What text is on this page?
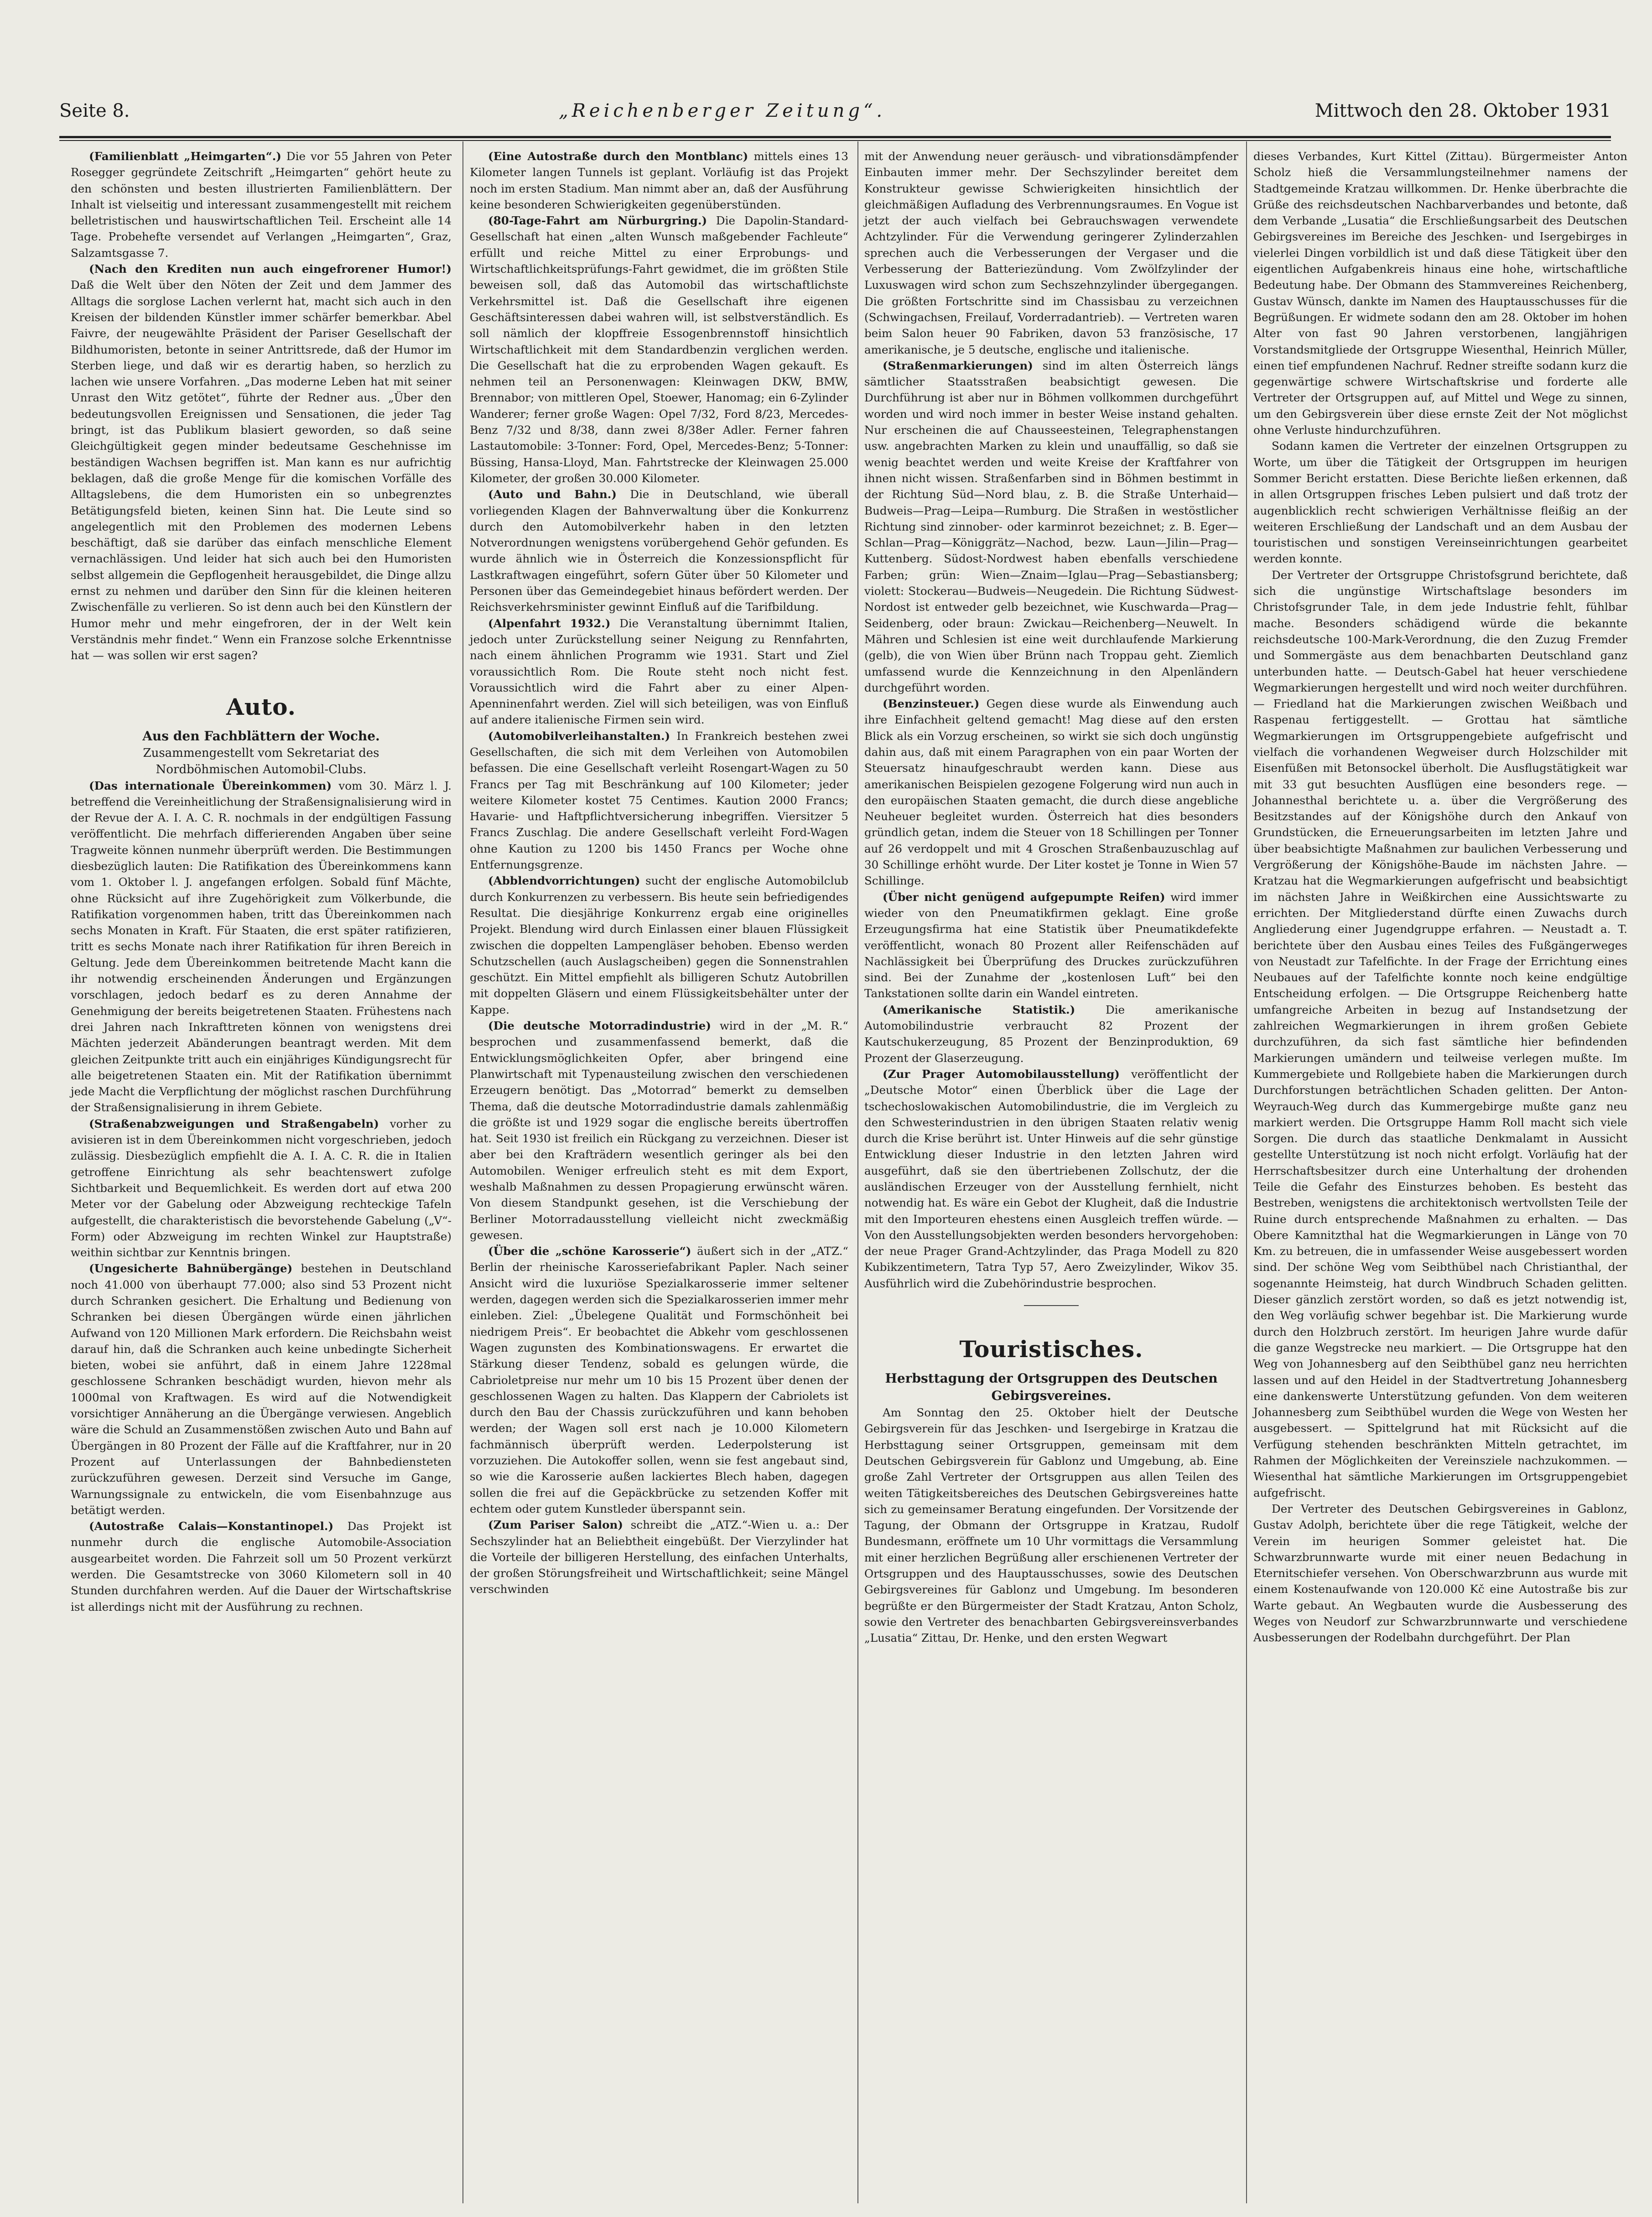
Seite 8.	„Reichenberger Zeitung“.	Mittwoch den 28. Oktober 1931

(Familienblatt „Heimgarten“.) Die vor 55 Jahren von Peter Rosegger gegründete Zeitschrift „Heimgarten“ gehört heute zu den schönsten und besten illustrierten Familienblättern. Der Inhalt ist vielseitig und interessant zusammengestellt mit reichem belletristischen und hauswirtschaftlichen Teil. Erscheint alle 14 Tage. Probehefte versendet auf Verlangen „Heimgarten“, Graz, Salzamtsgasse 7.

(Nach den Krediten nun auch eingefrorener Humor!) Daß die Welt über den Nöten der Zeit und dem Jammer des Alltags die sorglose Lachen verlernt hat, macht sich auch in den Kreisen der bildenden Künstler immer schärfer bemerkbar. Abel Faivre, der neugewählte Präsident der Pariser Gesellschaft der Bildhumoristen, betonte in seiner Antrittsrede, daß der Humor im Sterben liege, und daß wir es derartig haben, so herzlich zu lachen wie unsere Vorfahren. „Das moderne Leben hat mit seiner Unrast den Witz getötet“, führte der Redner aus. „Über den bedeutungsvollen Ereignissen und Sensationen, die jeder Tag bringt, ist das Publikum blasiert geworden, so daß seine Gleichgültigkeit gegen minder bedeutsame Geschehnisse im beständigen Wachsen begriffen ist. Man kann es nur aufrichtig beklagen, daß die große Menge für die komischen Vorfälle des Alltagslebens, die dem Humoristen ein so unbegrenztes Betätigungsfeld bieten, keinen Sinn hat. Die Leute sind so angelegentlich mit den Problemen des modernen Lebens beschäftigt, daß sie darüber das einfach menschliche Element vernachlässigen. Und leider hat sich auch bei den Humoristen selbst allgemein die Gepflogenheit herausgebildet, die Dinge allzu ernst zu nehmen und darüber den Sinn für die kleinen heiteren Zwischenfälle zu verlieren. So ist denn auch bei den Künstlern der Humor mehr und mehr eingefroren, der in der Welt kein Verständnis mehr findet.“ Wenn ein Franzose solche Erkenntnisse hat — was sollen wir erst sagen?

Auto.
Aus den Fachblättern der Woche.
Zusammengestellt vom Sekretariat des
Nordböhmischen Automobil-Clubs.

(Das internationale Übereinkommen) vom 30. März l. J. betreffend die Vereinheitlichung der Straßensignalisierung wird in der Revue der A. I. A. C. R. nochmals in der endgültigen Fassung veröffentlicht. Die mehrfach differierenden Angaben über seine Tragweite können nunmehr überprüft werden. Die Bestimmungen diesbezüglich lauten: Die Ratifikation des Übereinkommens kann vom 1. Oktober l. J. angefangen erfolgen. Sobald fünf Mächte, ohne Rücksicht auf ihre Zugehörigkeit zum Völkerbunde, die Ratifikation vorgenommen haben, tritt das Übereinkommen nach sechs Monaten in Kraft. Für Staaten, die erst später ratifizieren, tritt es sechs Monate nach ihrer Ratifikation für ihren Bereich in Geltung. Jede dem Übereinkommen beitretende Macht kann die ihr notwendig erscheinenden Änderungen und Ergänzungen vorschlagen, jedoch bedarf es zu deren Annahme der Genehmigung der bereits beigetretenen Staaten. Frühestens nach drei Jahren nach Inkrafttreten können von wenigstens drei Mächten jederzeit Abänderungen beantragt werden. Mit dem gleichen Zeitpunkte tritt auch ein einjähriges Kündigungsrecht für alle beigetretenen Staaten ein. Mit der Ratifikation übernimmt jede Macht die Verpflichtung der möglichst raschen Durchführung der Straßensignalisierung in ihrem Gebiete.

(Straßenabzweigungen und Straßengabeln) vorher zu avisieren ist in dem Übereinkommen nicht vorgeschrieben, jedoch zulässig. Diesbezüglich empfiehlt die A. I. A. C. R. die in Italien getroffene Einrichtung als sehr beachtenswert zufolge Sichtbarkeit und Bequemlichkeit. Es werden dort auf etwa 200 Meter vor der Gabelung oder Abzweigung rechteckige Tafeln aufgestellt, die charakteristisch die bevorstehende Gabelung („V“-Form) oder Abzweigung im rechten Winkel zur Hauptstraße) weithin sichtbar zur Kenntnis bringen.

(Ungesicherte Bahnübergänge) bestehen in Deutschland noch 41.000 von überhaupt 77.000; also sind 53 Prozent nicht durch Schranken gesichert. Die Erhaltung und Bedienung von Schranken bei diesen Übergängen würde einen jährlichen Aufwand von 120 Millionen Mark erfordern. Die Reichsbahn weist darauf hin, daß die Schranken auch keine unbedingte Sicherheit bieten, wobei sie anführt, daß in einem Jahre 1228mal geschlossene Schranken beschädigt wurden, hievon mehr als 1000mal von Kraftwagen. Es wird auf die Notwendigkeit vorsichtiger Annäherung an die Übergänge verwiesen. Angeblich wäre die Schuld an Zusammenstößen zwischen Auto und Bahn auf Übergängen in 80 Prozent der Fälle auf die Kraftfahrer, nur in 20 Prozent auf Unterlassungen der Bahnbediensteten zurückzuführen gewesen. Derzeit sind Versuche im Gange, Warnungssignale zu entwickeln, die vom Eisenbahnzuge aus betätigt werden.

(Autostraße Calais—Konstantinopel.) Das Projekt ist nunmehr durch die englische Automobile-Association ausgearbeitet worden. Die Fahrzeit soll um 50 Prozent verkürzt werden. Die Gesamtstrecke von 3060 Kilometern soll in 40 Stunden durchfahren werden. Auf die Dauer der Wirtschaftskrise ist allerdings nicht mit der Ausführung zu rechnen.

(Eine Autostraße durch den Montblanc) mittels eines 13 Kilometer langen Tunnels ist geplant. Vorläufig ist das Projekt noch im ersten Stadium. Man nimmt aber an, daß der Ausführung keine besonderen Schwierigkeiten gegenüberstünden.

(80-Tage-Fahrt am Nürburgring.) Die Dapolin-Standard-Gesellschaft hat einen „alten Wunsch maßgebender Fachleute“ erfüllt und reiche Mittel zu einer Erprobungs- und Wirtschaftlichkeitsprüfungs-Fahrt gewidmet, die im größten Stile beweisen soll, daß das Automobil das wirtschaftlichste Verkehrsmittel ist. Daß die Gesellschaft ihre eigenen Geschäftsinteressen dabei wahren will, ist selbstverständlich. Es soll nämlich der klopffreie Essogenbrennstoff hinsichtlich Wirtschaftlichkeit mit dem Standardbenzin verglichen werden. Die Gesellschaft hat die zu erprobenden Wagen gekauft. Es nehmen teil an Personenwagen: Kleinwagen DKW, BMW, Brennabor; von mittleren Opel, Stoewer, Hanomag; ein 6-Zylinder Wanderer; ferner große Wagen: Opel 7/32, Ford 8/23, Mercedes-Benz 7/32 und 8/38, dann zwei 8/38er Adler. Ferner fahren Lastautomobile: 3-Tonner: Ford, Opel, Mercedes-Benz; 5-Tonner: Büssing, Hansa-Lloyd, Man. Fahrtstrecke der Kleinwagen 25.000 Kilometer, der großen 30.000 Kilometer.

(Auto und Bahn.) Die in Deutschland, wie überall vorliegenden Klagen der Bahnverwaltung über die Konkurrenz durch den Automobilverkehr haben in den letzten Notverordnungen wenigstens vorübergehend Gehör gefunden. Es wurde ähnlich wie in Österreich die Konzessionspflicht für Lastkraftwagen eingeführt, sofern Güter über 50 Kilometer und Personen über das Gemeindegebiet hinaus befördert werden. Der Reichsverkehrsminister gewinnt Einfluß auf die Tarifbildung.

(Alpenfahrt 1932.) Die Veranstaltung übernimmt Italien, jedoch unter Zurückstellung seiner Neigung zu Rennfahrten, nach einem ähnlichen Programm wie 1931. Start und Ziel voraussichtlich Rom. Die Route steht noch nicht fest. Voraussichtlich wird die Fahrt aber zu einer Alpen-Apenninenfahrt werden. Ziel will sich beteiligen, was von Einfluß auf andere italienische Firmen sein wird.

(Automobilverleihanstalten.) In Frankreich bestehen zwei Gesellschaften, die sich mit dem Verleihen von Automobilen befassen. Die eine Gesellschaft verleiht Rosengart-Wagen zu 50 Francs per Tag mit Beschränkung auf 100 Kilometer; jeder weitere Kilometer kostet 75 Centimes. Kaution 2000 Francs; Havarie- und Haftpflichtversicherung inbegriffen. Viersitzer 5 Francs Zuschlag. Die andere Gesellschaft verleiht Ford-Wagen ohne Kaution zu 1200 bis 1450 Francs per Woche ohne Entfernungsgrenze.

(Abblendvorrichtungen) sucht der englische Automobilclub durch Konkurrenzen zu verbessern. Bis heute sein befriedigendes Resultat. Die diesjährige Konkurrenz ergab eine originelles Projekt. Blendung wird durch Einlassen einer blauen Flüssigkeit zwischen die doppelten Lampengläser behoben. Ebenso werden Schutzschellen (auch Auslagscheiben) gegen die Sonnenstrahlen geschützt. Ein Mittel empfiehlt als billigeren Schutz Autobrillen mit doppelten Gläsern und einem Flüssigkeitsbehälter unter der Kappe.

(Die deutsche Motorradindustrie) wird in der „M. R.“ besprochen und zusammenfassend bemerkt, daß die Entwicklungsmöglichkeiten Opfer, aber bringend eine Planwirtschaft mit Typenausteilung zwischen den verschiedenen Erzeugern benötigt. Das „Motorrad“ bemerkt zu demselben Thema, daß die deutsche Motorradindustrie damals zahlenmäßig die größte ist und 1929 sogar die englische bereits übertroffen hat. Seit 1930 ist freilich ein Rückgang zu verzeichnen. Dieser ist aber bei den Krafträdern wesentlich geringer als bei den Automobilen. Weniger erfreulich steht es mit dem Export, weshalb Maßnahmen zu dessen Propagierung erwünscht wären. Von diesem Standpunkt gesehen, ist die Verschiebung der Berliner Motorradausstellung vielleicht nicht zweckmäßig gewesen.

(Über die „schöne Karosserie“) äußert sich in der „ATZ.“ Berlin der rheinische Karosseriefabrikant Papler. Nach seiner Ansicht wird die luxuriöse Spezialkarosserie immer seltener werden, dagegen werden sich die Spezialkarosserien immer mehr einleben. Ziel: „Übelegene Qualität und Formschönheit bei niedrigem Preis“. Er beobachtet die Abkehr vom geschlossenen Wagen zugunsten des Kombinationswagens. Er erwartet die Stärkung dieser Tendenz, sobald es gelungen würde, die Cabrioletpreise nur mehr um 10 bis 15 Prozent über denen der geschlossenen Wagen zu halten. Das Klappern der Cabriolets ist durch den Bau der Chassis zurückzuführen und kann behoben werden; der Wagen soll erst nach je 10.000 Kilometern fachmännisch überprüft werden. Lederpolsterung ist vorzuziehen. Die Autokoffer sollen, wenn sie fest angebaut sind, so wie die Karosserie außen lackiertes Blech haben, dagegen sollen die frei auf die Gepäckbrücke zu setzenden Koffer mit echtem oder gutem Kunstleder überspannt sein.

(Zum Pariser Salon) schreibt die „ATZ.“-Wien u. a.: Der Sechszylinder hat an Beliebtheit eingebüßt. Der Vierzylinder hat die Vorteile der billigeren Herstellung, des einfachen Unterhalts, der großen Störungsfreiheit und Wirtschaftlichkeit; seine Mängel verschwinden

mit der Anwendung neuer geräusch- und vibrationsdämpfender Einbauten immer mehr. Der Sechszylinder bereitet dem Konstrukteur gewisse Schwierigkeiten hinsichtlich der gleichmäßigen Aufladung des Verbrennungsraumes. En Vogue ist jetzt der auch vielfach bei Gebrauchswagen verwendete Achtzylinder. Für die Verwendung geringerer Zylinderzahlen sprechen auch die Verbesserungen der Vergaser und die Verbesserung der Batteriezündung. Vom Zwölfzylinder der Luxuswagen wird schon zum Sechszehnzylinder übergegangen. Die größten Fortschritte sind im Chassisbau zu verzeichnen (Schwingachsen, Freilauf, Vorderradantrieb). — Vertreten waren beim Salon heuer 90 Fabriken, davon 53 französische, 17 amerikanische, je 5 deutsche, englische und italienische.

(Straßenmarkierungen) sind im alten Österreich längs sämtlicher Staatsstraßen beabsichtigt gewesen. Die Durchführung ist aber nur in Böhmen vollkommen durchgeführt worden und wird noch immer in bester Weise instand gehalten. Nur erscheinen die auf Chausseesteinen, Telegraphenstangen usw. angebrachten Marken zu klein und unauffällig, so daß sie wenig beachtet werden und weite Kreise der Kraftfahrer von ihnen nicht wissen. Straßenfarben sind in Böhmen bestimmt in der Richtung Süd—Nord blau, z. B. die Straße Unterhaid—Budweis—Prag—Leipa—Rumburg. Die Straßen in westöstlicher Richtung sind zinnober- oder karminrot bezeichnet; z. B. Eger—Schlan—Prag—Königgrätz—Nachod, bezw. Laun—Jilin—Prag—Kuttenberg. Südost-Nordwest haben ebenfalls verschiedene Farben; grün: Wien—Znaim—Iglau—Prag—Sebastiansberg; violett: Stockerau—Budweis—Neugedein. Die Richtung Südwest-Nordost ist entweder gelb bezeichnet, wie Kuschwarda—Prag—Seidenberg, oder braun: Zwickau—Reichenberg—Neuwelt. In Mähren und Schlesien ist eine weit durchlaufende Markierung (gelb), die von Wien über Brünn nach Troppau geht. Ziemlich umfassend wurde die Kennzeichnung in den Alpenländern durchgeführt worden.

(Benzinsteuer.) Gegen diese wurde als Einwendung auch ihre Einfachheit geltend gemacht! Mag diese auf den ersten Blick als ein Vorzug erscheinen, so wirkt sie sich doch ungünstig dahin aus, daß mit einem Paragraphen von ein paar Worten der Steuersatz hinaufgeschraubt werden kann. Diese aus amerikanischen Beispielen gezogene Folgerung wird nun auch in den europäischen Staaten gemacht, die durch diese angebliche Neuheuer begleitet wurden. Österreich hat dies besonders gründlich getan, indem die Steuer von 18 Schillingen per Tonner auf 26 verdoppelt und mit 4 Groschen Straßenbauzuschlag auf 30 Schillinge erhöht wurde. Der Liter kostet je Tonne in Wien 57 Schillinge.

(Über nicht genügend aufgepumpte Reifen) wird immer wieder von den Pneumatikfirmen geklagt. Eine große Erzeugungsfirma hat eine Statistik über Pneumatikdefekte veröffentlicht, wonach 80 Prozent aller Reifenschäden auf Nachlässigkeit bei Überprüfung des Druckes zurückzuführen sind. Bei der Zunahme der „kostenlosen Luft“ bei den Tankstationen sollte darin ein Wandel eintreten.

(Amerikanische Statistik.)	Die amerikanische Automobilindustrie verbraucht 82 Prozent der Kautschukerzeugung, 85 Prozent der Benzinproduktion, 69 Prozent der Glaserzeugung.

(Zur Prager Automobilausstellung) veröffentlicht der „Deutsche Motor“ einen Überblick über die Lage der tschechoslowakischen Automobilindustrie, die im Vergleich zu den Schwesterindustrien in den übrigen Staaten relativ wenig durch die Krise berührt ist. Unter Hinweis auf die sehr günstige Entwicklung dieser Industrie in den letzten Jahren wird ausgeführt, daß sie den übertriebenen Zollschutz, der die ausländischen Erzeuger von der Ausstellung fernhielt, nicht notwendig hat. Es wäre ein Gebot der Klugheit, daß die Industrie mit den Importeuren ehestens einen Ausgleich treffen würde. — Von den Ausstellungsobjekten werden besonders hervorgehoben: der neue Prager Grand-Achtzylinder, das Praga Modell zu 820 Kubikzentimetern, Tatra Typ 57, Aero Zweizylinder, Wikov 35. Ausführlich wird die Zubehörindustrie besprochen.

Touristisches.
Herbsttagung der Ortsgruppen des Deutschen Gebirgsvereines.

Am Sonntag den 25. Oktober hielt der Deutsche Gebirgsverein für das Jeschken- und Isergebirge in Kratzau die Herbsttagung seiner Ortsgruppen, gemeinsam mit dem Deutschen Gebirgsverein für Gablonz und Umgebung, ab. Eine große Zahl Vertreter der Ortsgruppen aus allen Teilen des weiten Tätigkeitsbereiches des Deutschen Gebirgsvereines hatte sich zu gemeinsamer Beratung eingefunden. Der Vorsitzende der Tagung, der Obmann der Ortsgruppe in Kratzau, Rudolf Bundesmann, eröffnete um 10 Uhr vormittags die Versammlung mit einer herzlichen Begrüßung aller erschienenen Vertreter der Ortsgruppen und des Hauptausschusses, sowie des Deutschen Gebirgsvereines für Gablonz und Umgebung. Im besonderen begrüßte er den Bürgermeister der Stadt Kratzau, Anton Scholz, sowie den Vertreter des benachbarten Gebirgsvereinsverbandes „Lusatia“ Zittau, Dr. Henke, und den ersten Wegwart

dieses Verbandes, Kurt Kittel (Zittau). Bürgermeister Anton Scholz hieß die Versammlungsteilnehmer namens der Stadtgemeinde Kratzau willkommen. Dr. Henke überbrachte die Grüße des reichsdeutschen Nachbarverbandes und betonte, daß dem Verbande „Lusatia“ die Erschließungsarbeit des Deutschen Gebirgsvereines im Bereiche des Jeschken- und Isergebirges in vielerlei Dingen vorbildlich ist und daß diese Tätigkeit über den eigentlichen Aufgabenkreis hinaus eine hohe, wirtschaftliche Bedeutung habe. Der Obmann des Stammvereines Reichenberg, Gustav Wünsch, dankte im Namen des Hauptausschusses für die Begrüßungen. Er widmete sodann den am 28. Oktober im hohen Alter von fast 90 Jahren verstorbenen, langjährigen Vorstandsmitgliede der Ortsgruppe Wiesenthal, Heinrich Müller, einen tief empfundenen Nachruf. Redner streifte sodann kurz die gegenwärtige schwere Wirtschaftskrise und forderte alle Vertreter der Ortsgruppen auf, auf Mittel und Wege zu sinnen, um den Gebirgsverein über diese ernste Zeit der Not möglichst ohne Verluste hindurchzuführen.

Sodann kamen die Vertreter der einzelnen Ortsgruppen zu Worte, um über die Tätigkeit der Ortsgruppen im heurigen Sommer Bericht erstatten. Diese Berichte ließen erkennen, daß in allen Ortsgruppen frisches Leben pulsiert und daß trotz der augenblicklich recht schwierigen Verhältnisse fleißig an der weiteren Erschließung der Landschaft und an dem Ausbau der touristischen und sonstigen Vereinseinrichtungen gearbeitet werden konnte.

Der Vertreter der Ortsgruppe Christofsgrund berichtete, daß sich die ungünstige Wirtschaftslage besonders im Christofsgrunder Tale, in dem jede Industrie fehlt, fühlbar mache. Besonders schädigend würde die bekannte reichsdeutsche 100-Mark-Verordnung, die den Zuzug Fremder und Sommergäste aus dem benachbarten Deutschland ganz unterbunden hatte. — Deutsch-Gabel hat heuer verschiedene Wegmarkierungen hergestellt und wird noch weiter durchführen. — Friedland hat die Markierungen zwischen Weißbach und Raspenau fertiggestellt. — Grottau hat sämtliche Wegmarkierungen im Ortsgruppengebiete aufgefrischt und vielfach die vorhandenen Wegweiser durch Holzschilder mit Eisenfüßen mit Betonsockel überholt. Die Ausflugstätigkeit war mit 33 gut besuchten Ausflügen eine besonders rege. — Johannesthal berichtete u. a. über die Vergrößerung des Besitzstandes auf der Königshöhe durch den Ankauf von Grundstücken, die Erneuerungsarbeiten im letzten Jahre und über beabsichtigte Maßnahmen zur baulichen Verbesserung und Vergrößerung der Königshöhe-Baude im nächsten Jahre. — Kratzau hat die Wegmarkierungen aufgefrischt und beabsichtigt im nächsten Jahre in Weißkirchen eine Aussichtswarte zu errichten. Der Mitgliederstand dürfte einen Zuwachs durch Angliederung einer Jugendgruppe erfahren. — Neustadt a. T. berichtete über den Ausbau eines Teiles des Fußgängerweges von Neustadt zur Tafelfichte. In der Frage der Errichtung eines Neubaues auf der Tafelfichte konnte noch keine endgültige Entscheidung erfolgen. — Die Ortsgruppe Reichenberg hatte umfangreiche Arbeiten in bezug auf Instandsetzung der zahlreichen Wegmarkierungen in ihrem großen Gebiete durchzuführen, da sich fast sämtliche hier befindenden Markierungen umändern und teilweise verlegen mußte. Im Kummergebiete und Rollgebiete haben die Markierungen durch Durchforstungen beträchtlichen Schaden gelitten. Der Anton-Weyrauch-Weg durch das Kummergebirge mußte ganz neu markiert werden. Die Ortsgruppe Hamm Roll macht sich viele Sorgen. Die durch das staatliche Denkmalamt in Aussicht gestellte Unterstützung ist noch nicht erfolgt. Vorläufig hat der Herrschaftsbesitzer durch eine Unterhaltung der drohenden Teile die Gefahr des Einsturzes behoben. Es besteht das Bestreben, wenigstens die architektonisch wertvollsten Teile der Ruine durch entsprechende Maßnahmen zu erhalten. — Das Obere Kamnitzthal hat die Wegmarkierungen in Länge von 70 Km. zu betreuen, die in umfassender Weise ausgebessert worden sind. Der schöne Weg vom Seibthübel nach Christianthal, der sogenannte Heimsteig, hat durch Windbruch Schaden gelitten. Dieser gänzlich zerstört worden, so daß es jetzt notwendig ist, den Weg vorläufig schwer begehbar ist. Die Markierung wurde durch den Holzbruch zerstört. Im heurigen Jahre wurde dafür die ganze Wegstrecke neu markiert. — Die Ortsgruppe hat den Weg von Johannesberg auf den Seibthübel ganz neu herrichten lassen und auf den Heidel in der Stadtvertretung Johannesberg eine dankenswerte Unterstützung gefunden. Von dem weiteren Johannesberg zum Seibthübel wurden die Wege von Westen her ausgebessert. — Spittelgrund hat mit Rücksicht auf die Verfügung stehenden beschränkten Mitteln getrachtet, im Rahmen der Möglichkeiten der Vereinsziele nachzukommen. — Wiesenthal hat sämtliche Markierungen im Ortsgruppengebiet aufgefrischt.

Der Vertreter des Deutschen Gebirgsvereines in Gablonz, Gustav Adolph, berichtete über die rege Tätigkeit, welche der Verein im heurigen Sommer geleistet hat. Die Schwarzbrunnwarte wurde mit einer neuen Bedachung in Eternitschiefer versehen. Von Oberschwarzbrunn aus wurde mit einem Kostenaufwande von 120.000 Kč eine Autostraße bis zur Warte gebaut. An Wegbauten wurde die Ausbesserung des Weges von Neudorf zur Schwarzbrunnwarte und verschiedene Ausbesserungen der Rodelbahn durchgeführt. Der Plan
